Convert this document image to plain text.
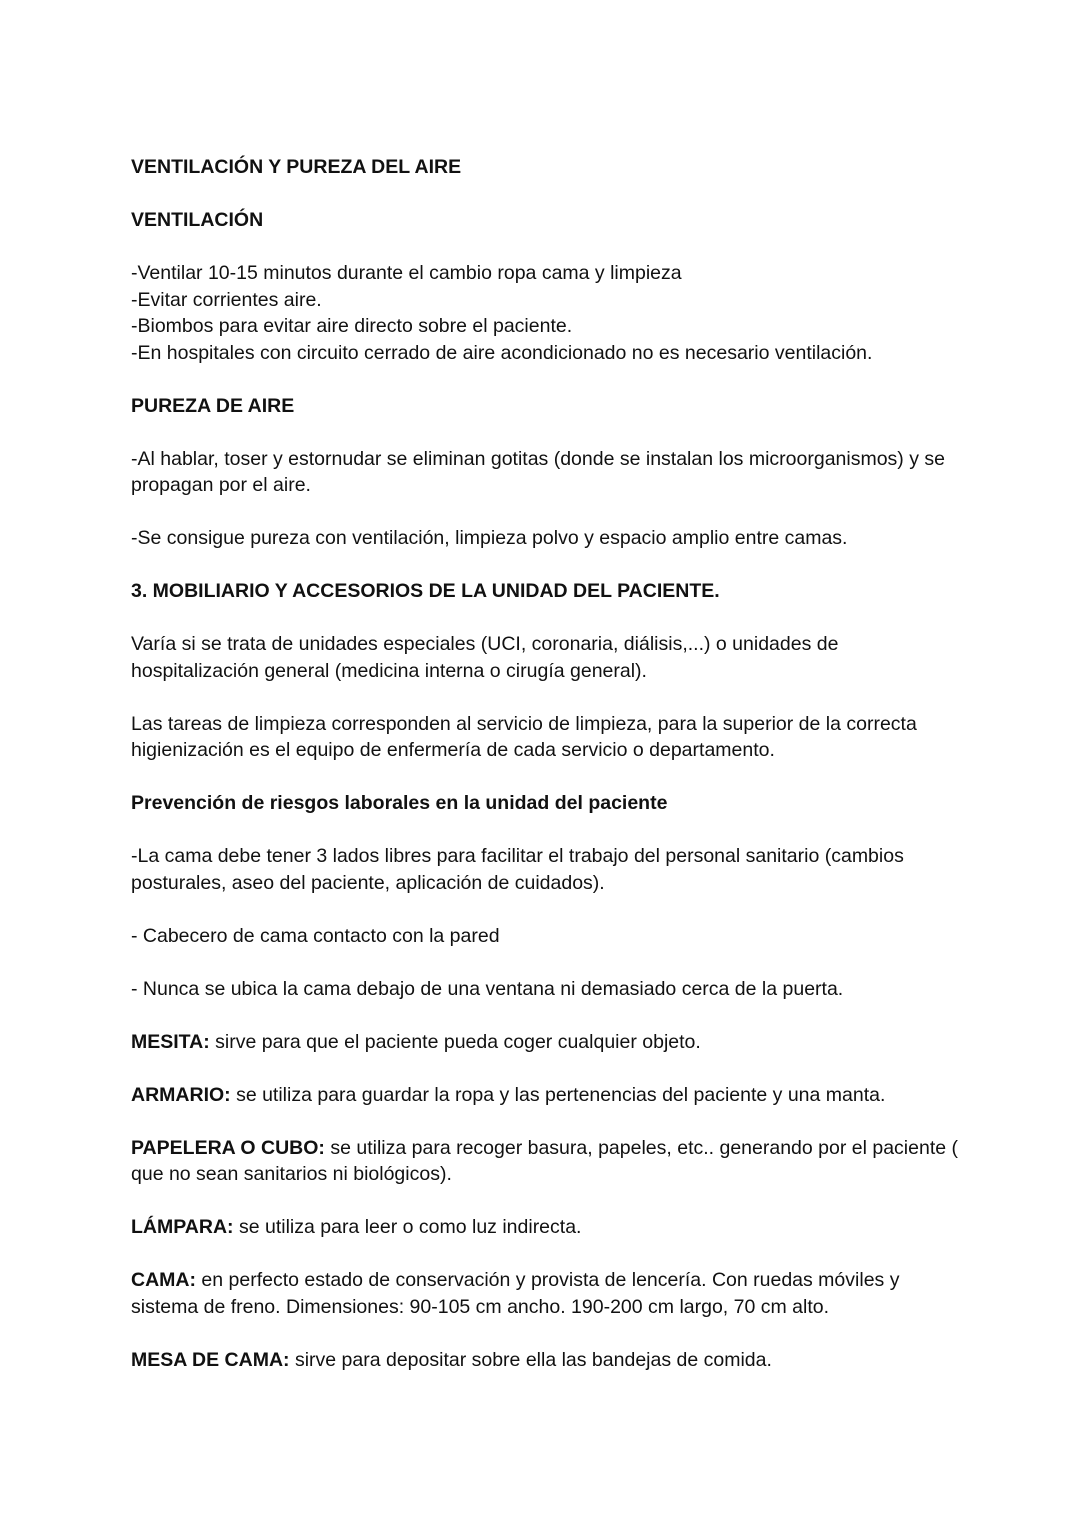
VENTILACIÓN Y PUREZA DEL AIRE

VENTILACIÓN

-Ventilar 10-15 minutos durante el cambio ropa cama y limpieza

-Evitar corrientes aire.

-Biombos para evitar aire directo sobre el paciente.

-En hospitales con circuito cerrado de aire acondicionado no es necesario ventilación.

PUREZA DE AIRE

-Al hablar, toser y estornudar se eliminan gotitas (donde se instalan los microorganismos) y se propagan por el aire.

-Se consigue pureza con ventilación, limpieza polvo y espacio amplio entre camas.

3. MOBILIARIO Y ACCESORIOS DE LA UNIDAD DEL PACIENTE.

Varía si se trata de unidades especiales (UCI, coronaria, diálisis,...) o unidades de hospitalización general (medicina interna o cirugía general).

Las tareas de limpieza corresponden al servicio de limpieza, para la superior de la correcta higienización es el equipo de enfermería de cada servicio o departamento.

Prevención de riesgos laborales en la unidad del paciente

-La cama debe tener 3 lados libres para facilitar el trabajo del personal sanitario (cambios posturales, aseo del paciente, aplicación de cuidados).

- Cabecero de cama contacto con la pared

- Nunca se ubica la cama debajo de una ventana ni demasiado cerca de la puerta.

MESITA: sirve para que el paciente pueda coger cualquier objeto.

ARMARIO: se utiliza para guardar la ropa y las pertenencias del paciente y una manta.

PAPELERA O CUBO: se utiliza para recoger basura, papeles, etc.. generando por el paciente ( que no sean sanitarios ni biológicos).

LÁMPARA: se utiliza para leer o como luz indirecta.

CAMA: en perfecto estado de conservación y provista de lencería. Con ruedas móviles y sistema de freno. Dimensiones: 90-105 cm ancho. 190-200 cm largo, 70 cm alto.

MESA DE CAMA: sirve para depositar sobre ella las bandejas de comida.
